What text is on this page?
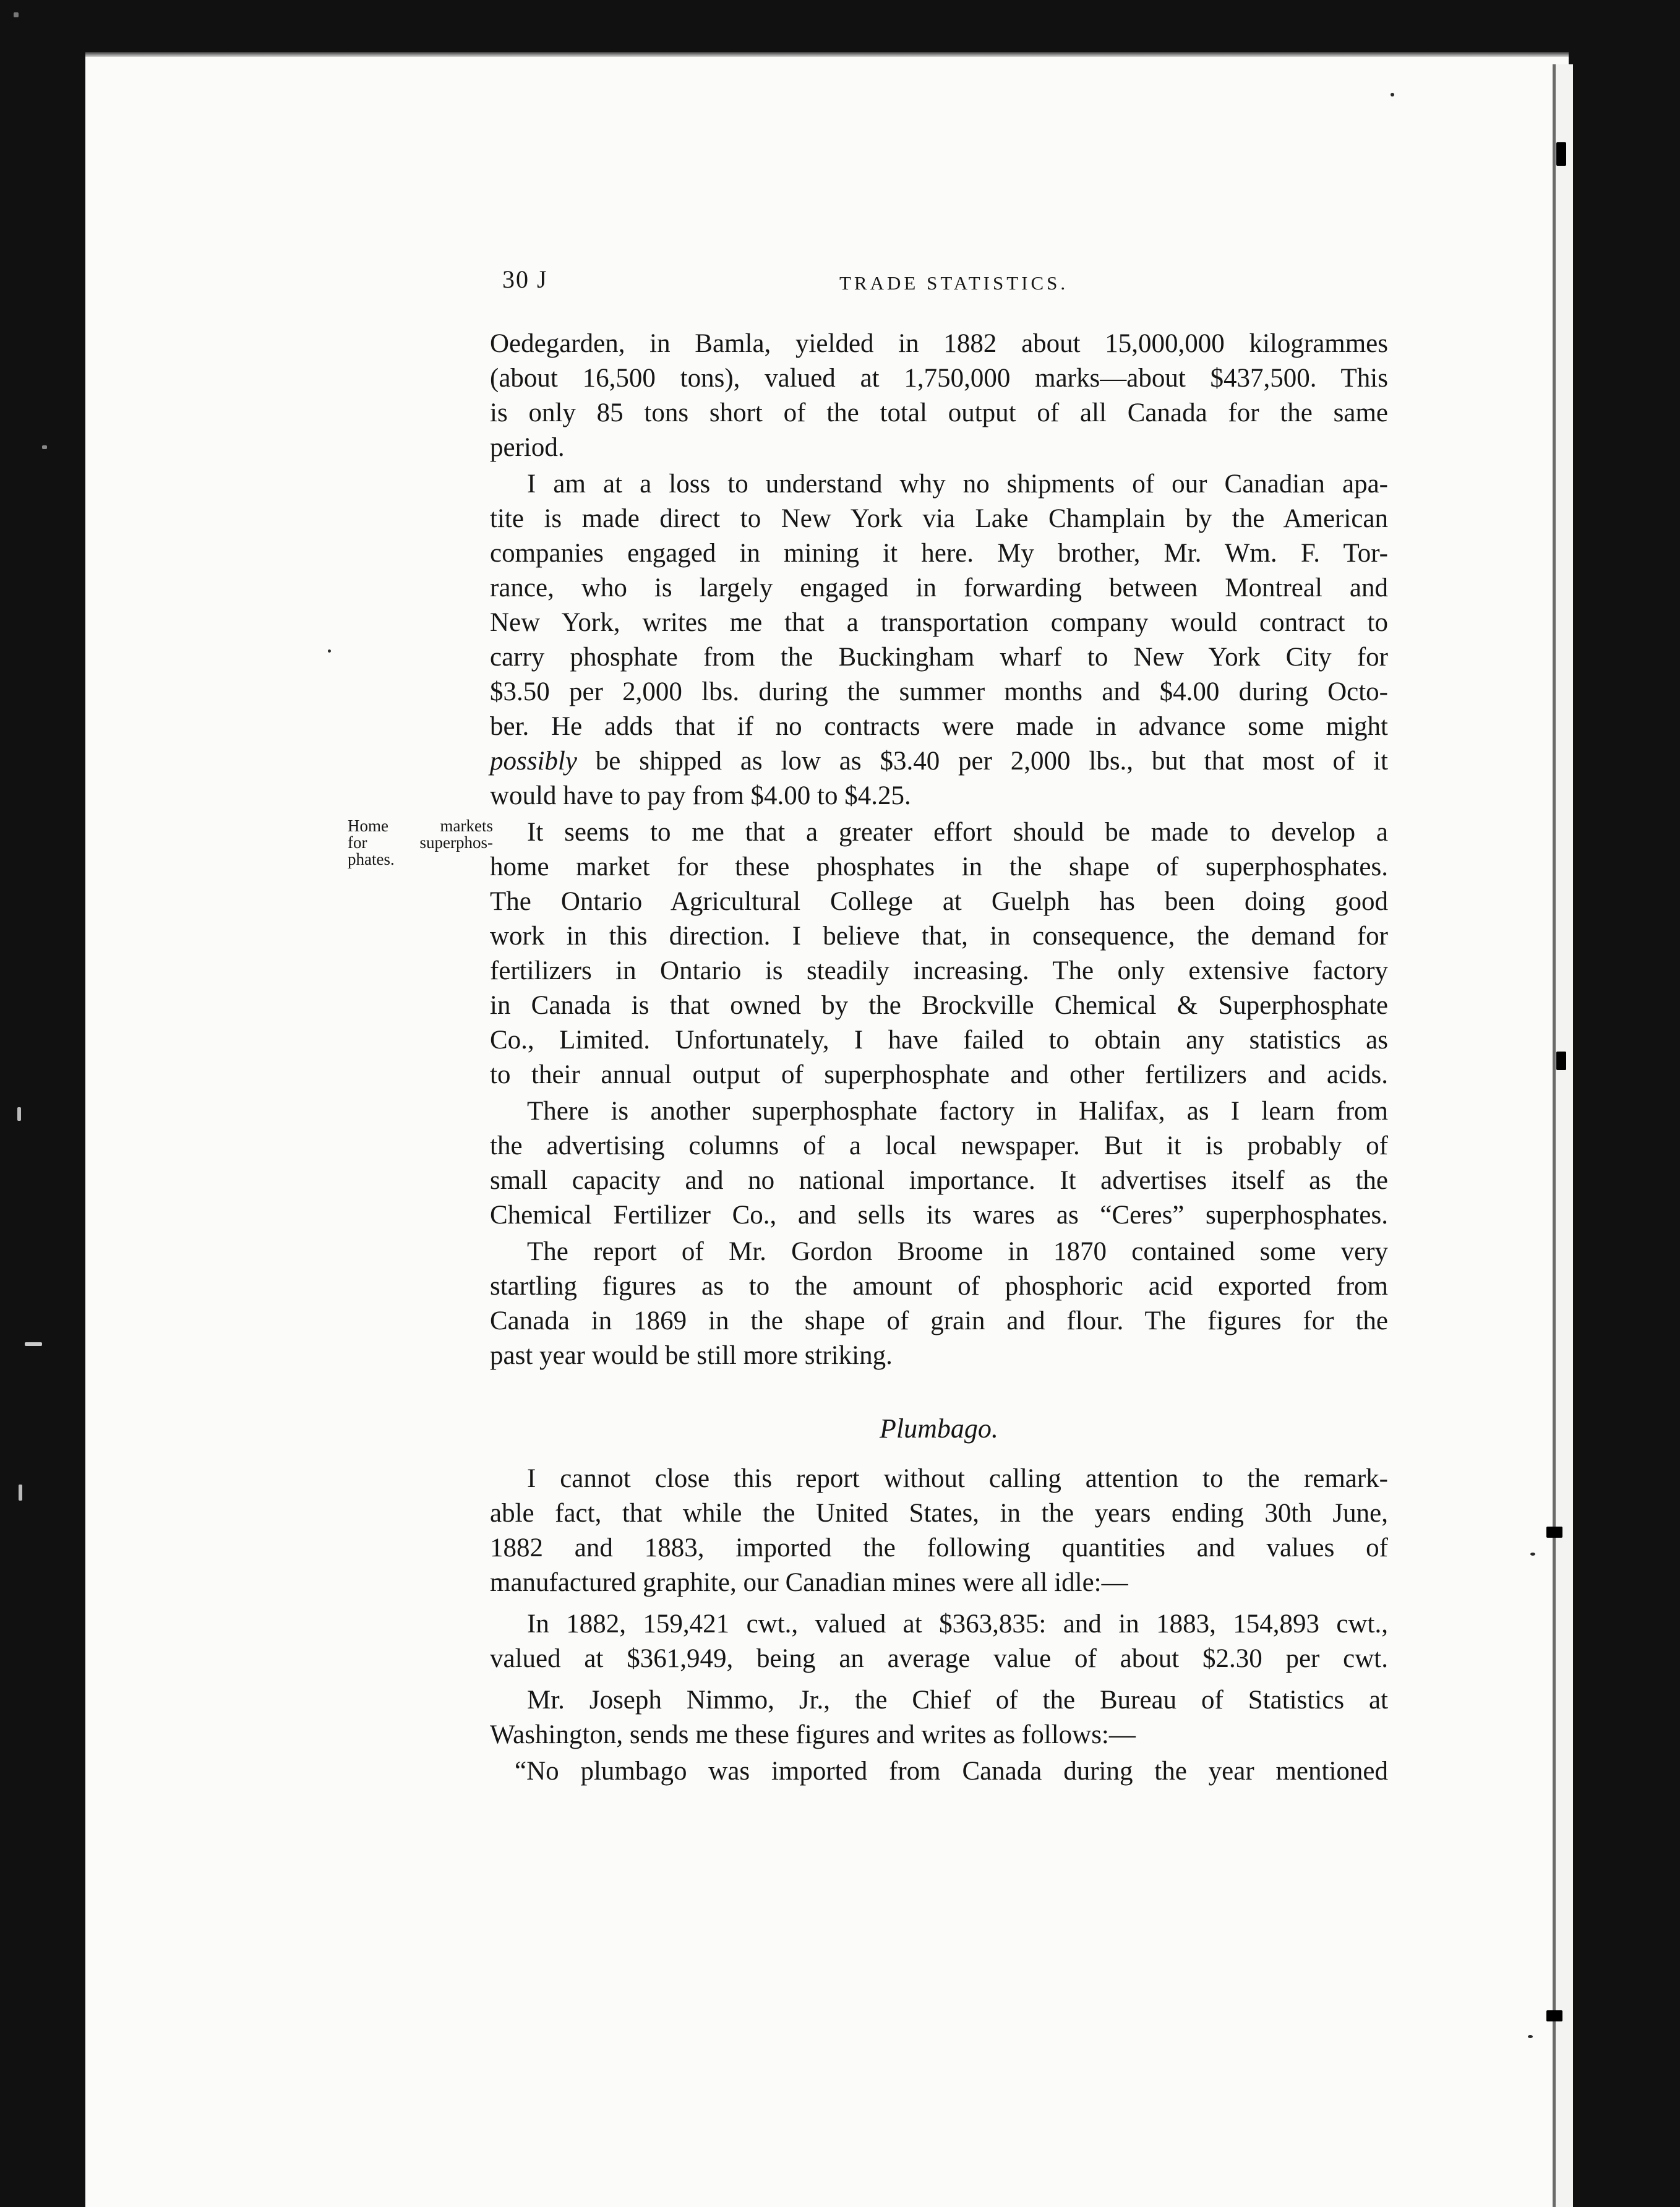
30 J	TRADE STATISTICS.
Home markets
for superphos-
phates.
Oedegarden, in Bamla, yielded in 1882 about 15,000,000 kilogrammes
(about 16,500 tons), valued at 1,750,000 marks—about $437,500. This
is only 85 tons short of the total output of all Canada for the same
period.
I am at a loss to understand why no shipments of our Canadian apa-
tite is made direct to New York via Lake Champlain by the American
companies engaged in mining it here. My brother, Mr. Wm. F. Tor-
rance, who is largely engaged in forwarding between Montreal and
New York, writes me that a transportation company would contract to
carry phosphate from the Buckingham wharf to New York City for
$3.50 per 2,000 lbs. during the summer months and $4.00 during Octo-
ber. He adds that if no contracts were made in advance some might
possibly be shipped as low as $3.40 per 2,000 lbs., but that most of it
would have to pay from $4.00 to $4.25.
It seems to me that a greater effort should be made to develop a
home market for these phosphates in the shape of superphosphates.
The Ontario Agricultural College at Guelph has been doing good
work in this direction. I believe that, in consequence, the demand for
fertilizers in Ontario is steadily increasing. The only extensive factory
in Canada is that owned by the Brockville Chemical & Superphosphate
Co., Limited. Unfortunately, I have failed to obtain any statistics as
to their annual output of superphosphate and other fertilizers and acids.
There is another superphosphate factory in Halifax, as I learn from
the advertising columns of a local newspaper. But it is probably of
small capacity and no national importance. It advertises itself as the
Chemical Fertilizer Co., and sells its wares as “Ceres” superphosphates.
The report of Mr. Gordon Broome in 1870 contained some very
startling figures as to the amount of phosphoric acid exported from
Canada in 1869 in the shape of grain and flour. The figures for the
past year would be still more striking.
Plumbago.
I cannot close this report without calling attention to the remark-
able fact, that while the United States, in the years ending 30th June,
1882 and 1883, imported the following quantities and values of
manufactured graphite, our Canadian mines were all idle:—
In 1882, 159,421 cwt., valued at $363,835: and in 1883, 154,893 cwt.,
valued at $361,949, being an average value of about $2.30 per cwt.
Mr. Joseph Nimmo, Jr., the Chief of the Bureau of Statistics at
Washington, sends me these figures and writes as follows:—
“No plumbago was imported from Canada during the year mentioned
